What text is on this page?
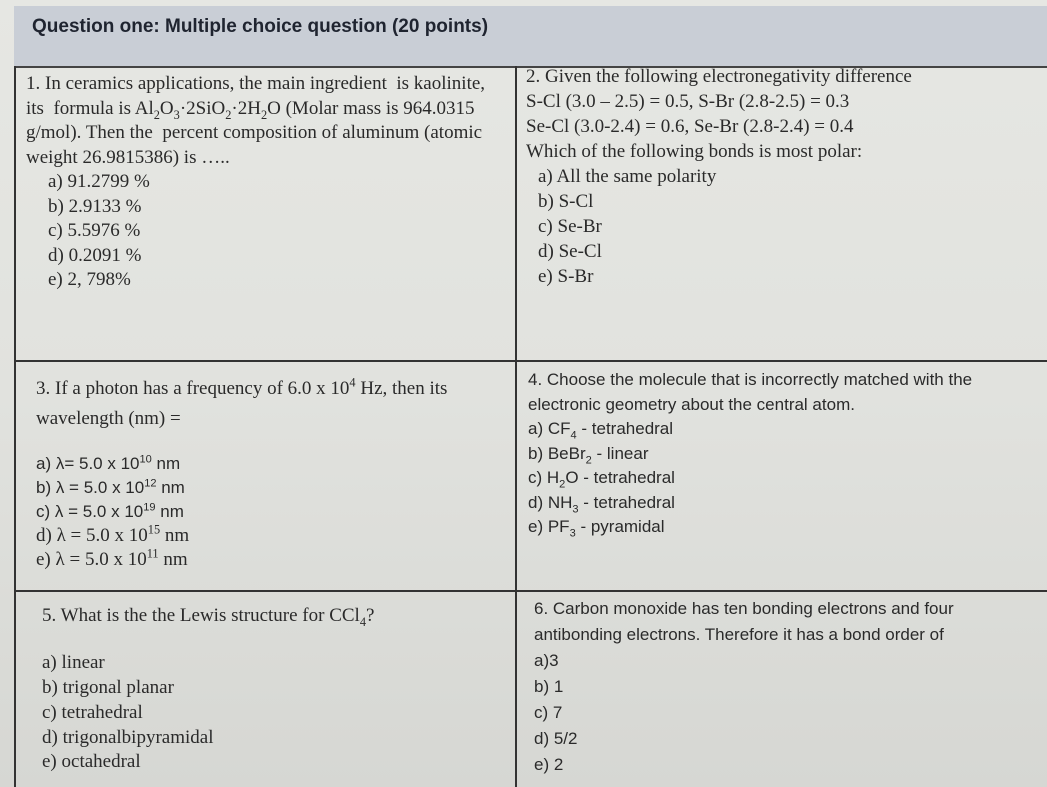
Question one: Multiple choice question (20 points)

1. In ceramics applications, the main ingredient  is kaolinite, its  formula is $Al_2O_3\cdot 2SiO_2\cdot 2H_2O$ (Molar mass is 964.0315 g/mol). Then the  percent composition of aluminum (atomic weight 26.9815386) is …..

a) 91.2799 %
b) 2.9133 %
c) 5.5976 %
d) 0.2091 %
e) 2, 798%
2. Given the following electronegativity difference
S-Cl (3.0 – 2.5) = 0.5, S-Br (2.8-2.5) = 0.3
Se-Cl (3.0-2.4) = 0.6, Se-Br (2.8-2.4) = 0.4
Which of the following bonds is most polar:
a) All the same polarity
b) S-Cl
c) Se-Br
d) Se-Cl
e) S-Br

3. If a photon has a frequency of 6.0 x $10^4$ Hz, then its wavelength (nm) =

a) λ= 5.0 x $10^{10}$ nm
b) λ = 5.0 x $10^{12}$ nm
c) λ = 5.0 x $10^{19}$ nm
d) λ = 5.0 x $10^{15}$ nm
e) λ = 5.0 x $10^{11}$ nm

4. Choose the molecule that is incorrectly matched with the electronic geometry about the central atom.

a) $CF_4$ - tetrahedral
b) BeBr$_2$ - linear
c) $H_2O$ - tetrahedral
d) $NH_3$ - tetrahedral
e) $PF_3$ - pyramidal

5. What is the the Lewis structure for CCl$_4$?

a) linear
b) trigonal planar
c) tetrahedral
d) trigonalbipyramidal
e) octahedral

6. Carbon monoxide has ten bonding electrons and four antibonding electrons. Therefore it has a bond order of

a)3
b) 1
c) 7
d) 5/2
e) 2
